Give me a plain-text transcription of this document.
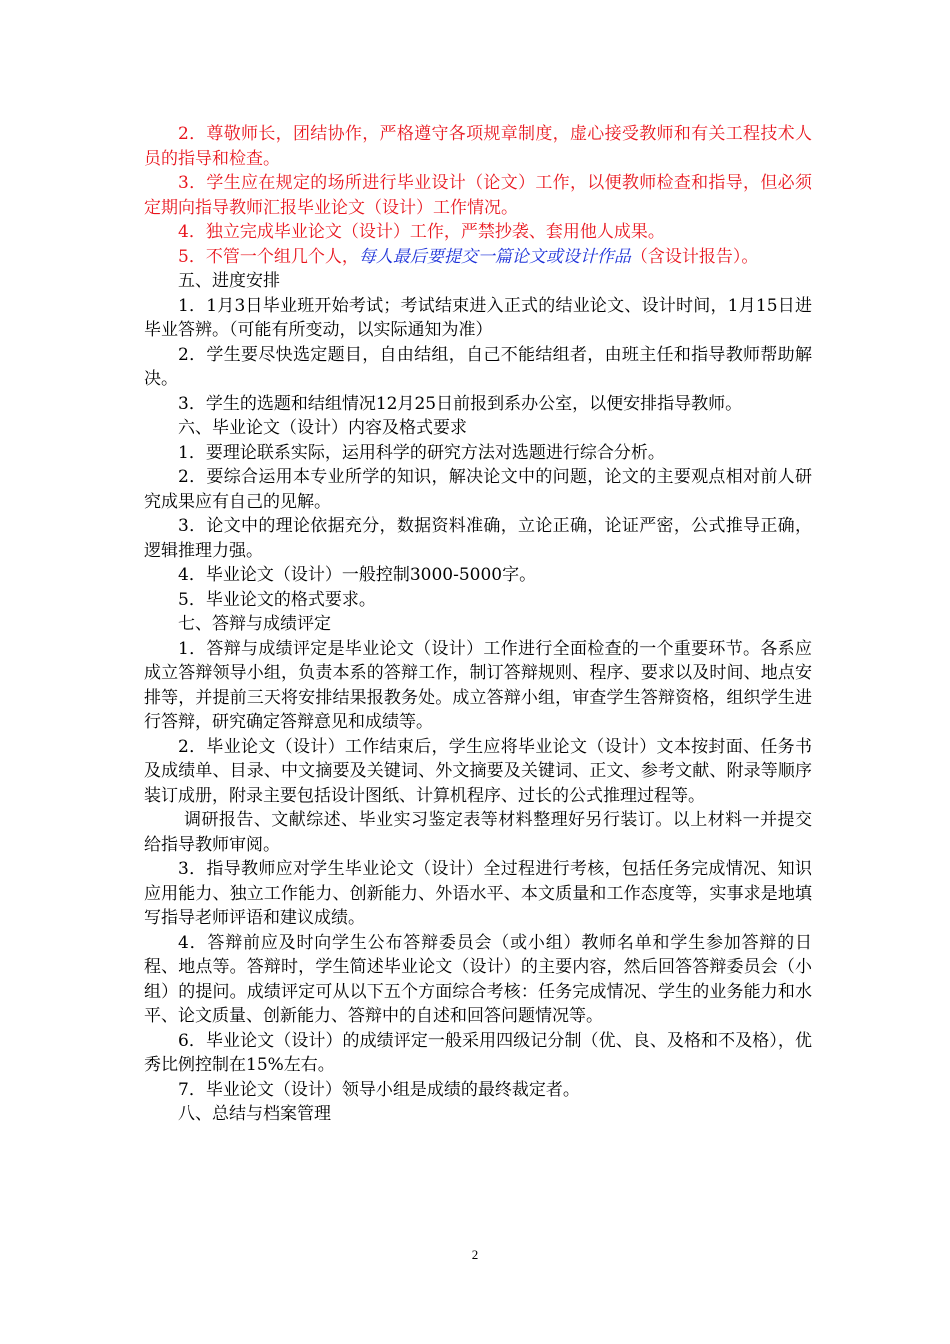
2．尊敬师长，团结协作，严格遵守各项规章制度，虚心接受教师和有关工程技术人员的指导和检查。

3．学生应在规定的场所进行毕业设计（论文）工作，以便教师检查和指导，但必须定期向指导教师汇报毕业论文（设计）工作情况。

4．独立完成毕业论文（设计）工作，严禁抄袭、套用他人成果。

5．不管一个组几个人，每人最后要提交一篇论文或设计作品（含设计报告）。

五、进度安排

1．1月3日毕业班开始考试；考试结束进入正式的结业论文、设计时间，1月15日进毕业答辨。（可能有所变动，以实际通知为准）

2．学生要尽快选定题目，自由结组，自己不能结组者，由班主任和指导教师帮助解决。

3．学生的选题和结组情况12月25日前报到系办公室，以便安排指导教师。

六、毕业论文（设计）内容及格式要求

1．要理论联系实际，运用科学的研究方法对选题进行综合分析。

2．要综合运用本专业所学的知识，解决论文中的问题，论文的主要观点相对前人研究成果应有自己的见解。

3．论文中的理论依据充分，数据资料准确，立论正确，论证严密，公式推导正确，逻辑推理力强。

4．毕业论文（设计）一般控制3000-5000字。

5．毕业论文的格式要求。

七、答辩与成绩评定

1．答辩与成绩评定是毕业论文（设计）工作进行全面检查的一个重要环节。各系应成立答辩领导小组，负责本系的答辩工作，制订答辩规则、程序、要求以及时间、地点安排等，并提前三天将安排结果报教务处。成立答辩小组，审查学生答辩资格，组织学生进行答辩，研究确定答辩意见和成绩等。

2．毕业论文（设计）工作结束后，学生应将毕业论文（设计）文本按封面、任务书及成绩单、目录、中文摘要及关键词、外文摘要及关键词、正文、参考文献、附录等顺序装订成册，附录主要包括设计图纸、计算机程序、过长的公式推理过程等。

调研报告、文献综述、毕业实习鉴定表等材料整理好另行装订。以上材料一并提交给指导教师审阅。

3．指导教师应对学生毕业论文（设计）全过程进行考核，包括任务完成情况、知识应用能力、独立工作能力、创新能力、外语水平、本文质量和工作态度等，实事求是地填写指导老师评语和建议成绩。

4．答辩前应及时向学生公布答辩委员会（或小组）教师名单和学生参加答辩的日程、地点等。答辩时，学生简述毕业论文（设计）的主要内容，然后回答答辩委员会（小组）的提问。成绩评定可从以下五个方面综合考核：任务完成情况、学生的业务能力和水平、论文质量、创新能力、答辩中的自述和回答问题情况等。

6．毕业论文（设计）的成绩评定一般采用四级记分制（优、良、及格和不及格），优秀比例控制在15%左右。

7．毕业论文（设计）领导小组是成绩的最终裁定者。

八、总结与档案管理

2
